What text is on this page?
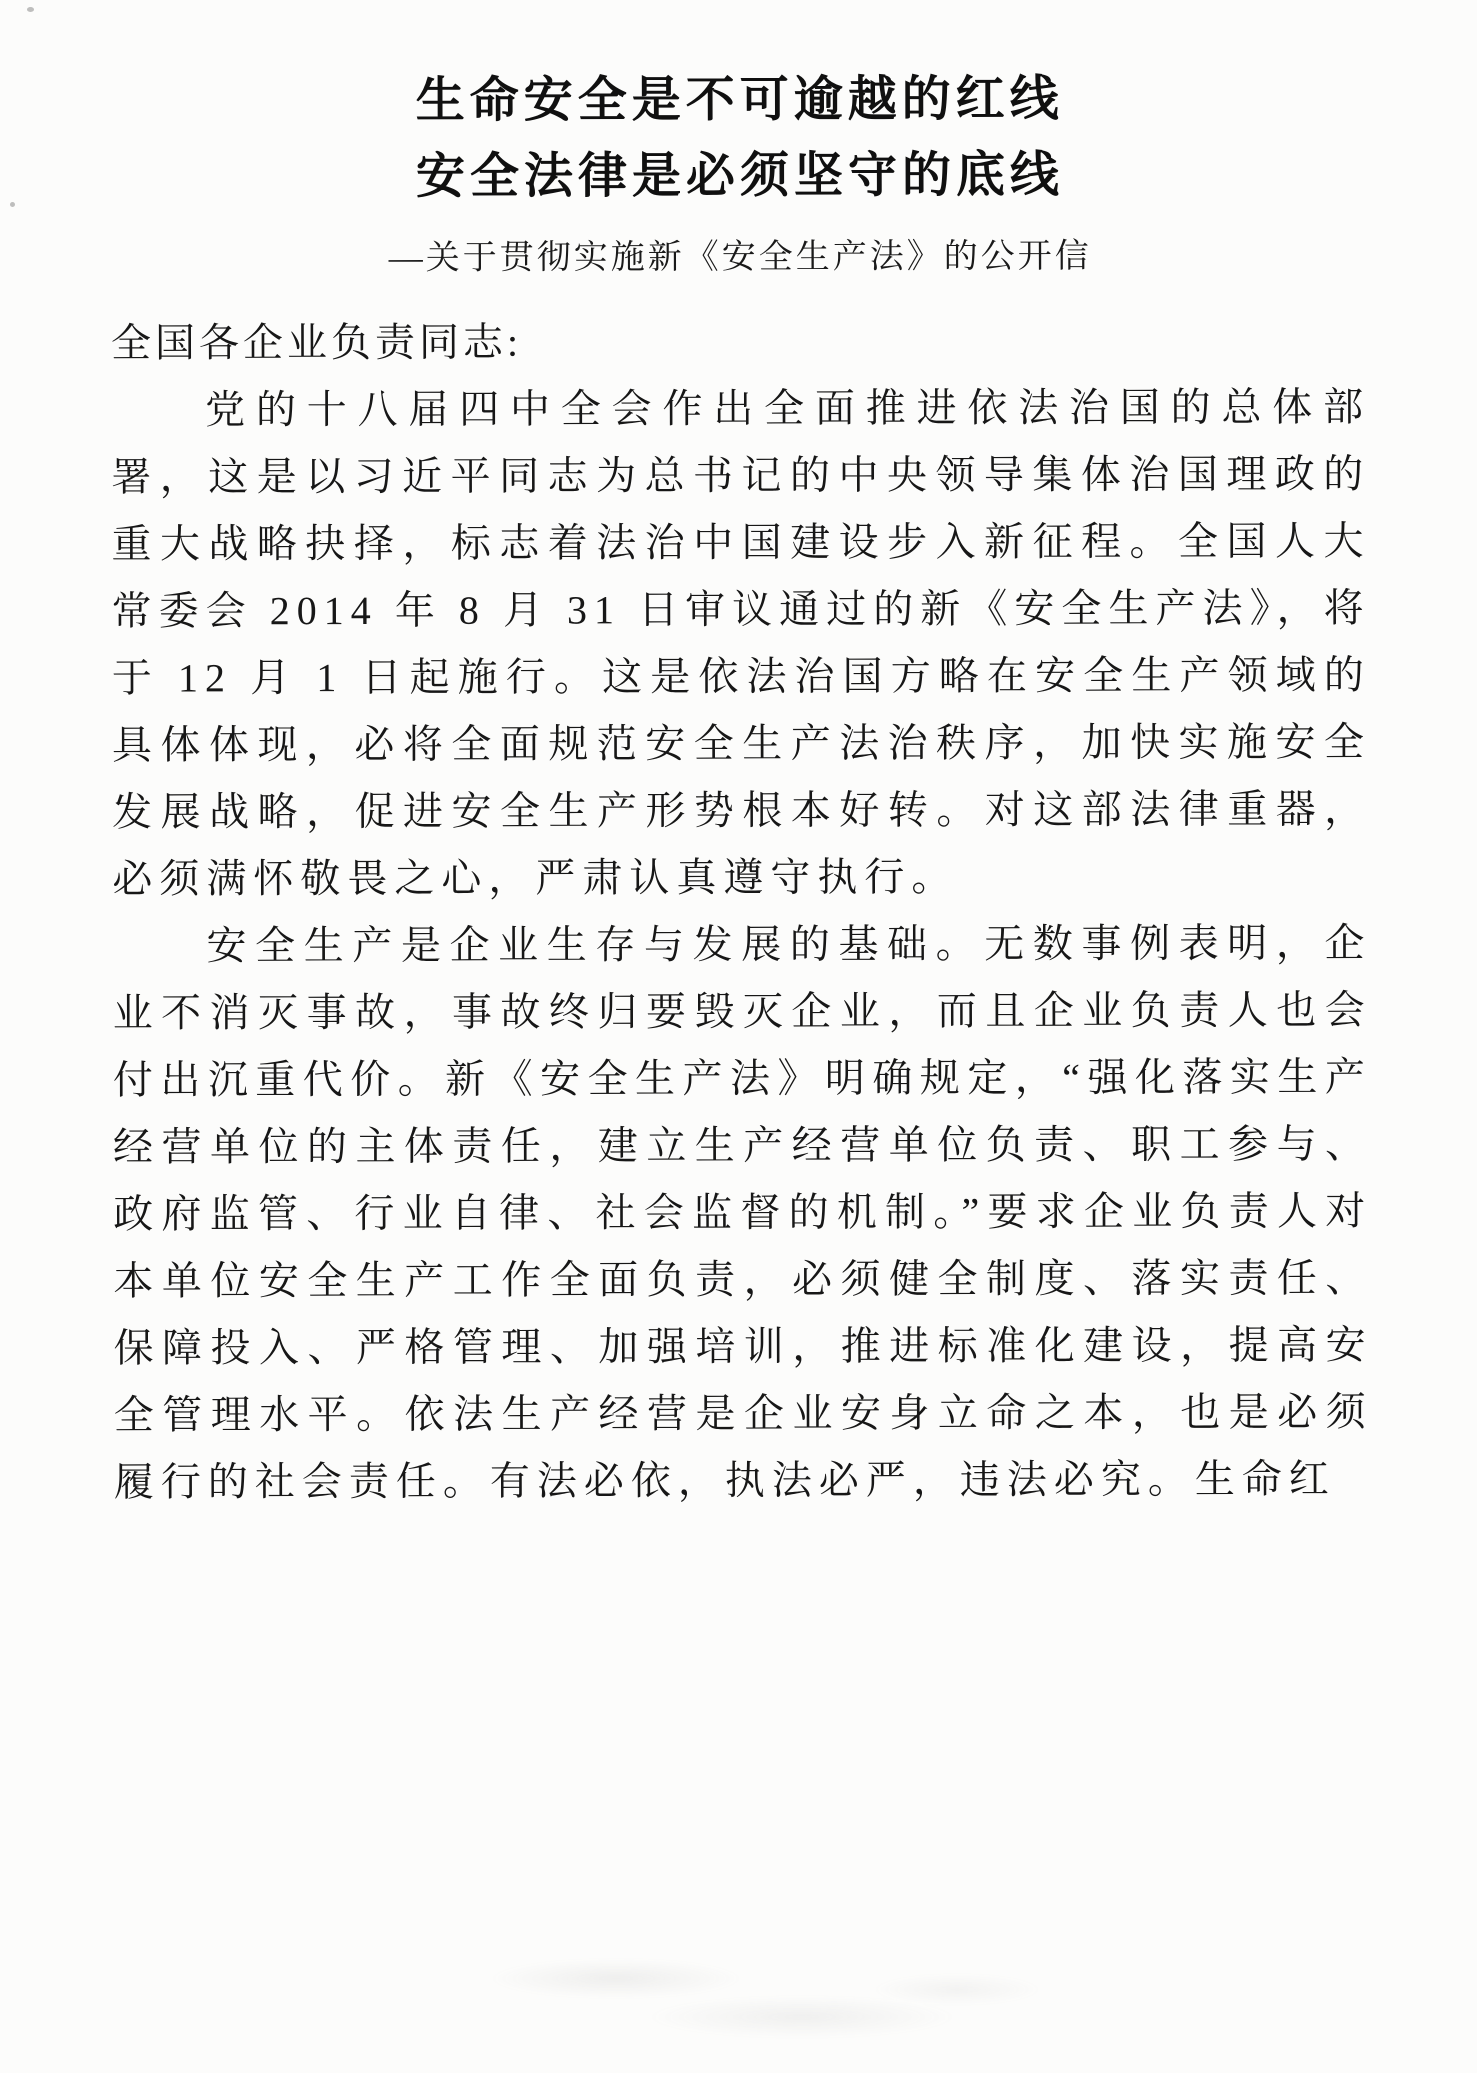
生命安全是不可逾越的红线
安全法律是必须坚守的底线
—关于贯彻实施新《安全生产法》的公开信
全国各企业负责同志:

党的十八届四中全会作出全面推进依法治国的总体部署，这是以习近平同志为总书记的中央领导集体治国理政的重大战略抉择，标志着法治中国建设步入新征程。全国人大常委会 2014 年 8 月 31 日审议通过的新《安全生产法》，将于 12 月 1 日起施行。这是依法治国方略在安全生产领域的具体体现，必将全面规范安全生产法治秩序，加快实施安全发展战略，促进安全生产形势根本好转。对这部法律重器，必须满怀敬畏之心，严肃认真遵守执行。

安全生产是企业生存与发展的基础。无数事例表明，企业不消灭事故，事故终归要毁灭企业，而且企业负责人也会付出沉重代价。新《安全生产法》明确规定，“强化落实生产经营单位的主体责任，建立生产经营单位负责、职工参与、政府监管、行业自律、社会监督的机制。”要求企业负责人对本单位安全生产工作全面负责，必须健全制度、落实责任、保障投入、严格管理、加强培训，推进标准化建设，提高安全管理水平。依法生产经营是企业安身立命之本，也是必须履行的社会责任。有法必依，执法必严，违法必究。生命红
